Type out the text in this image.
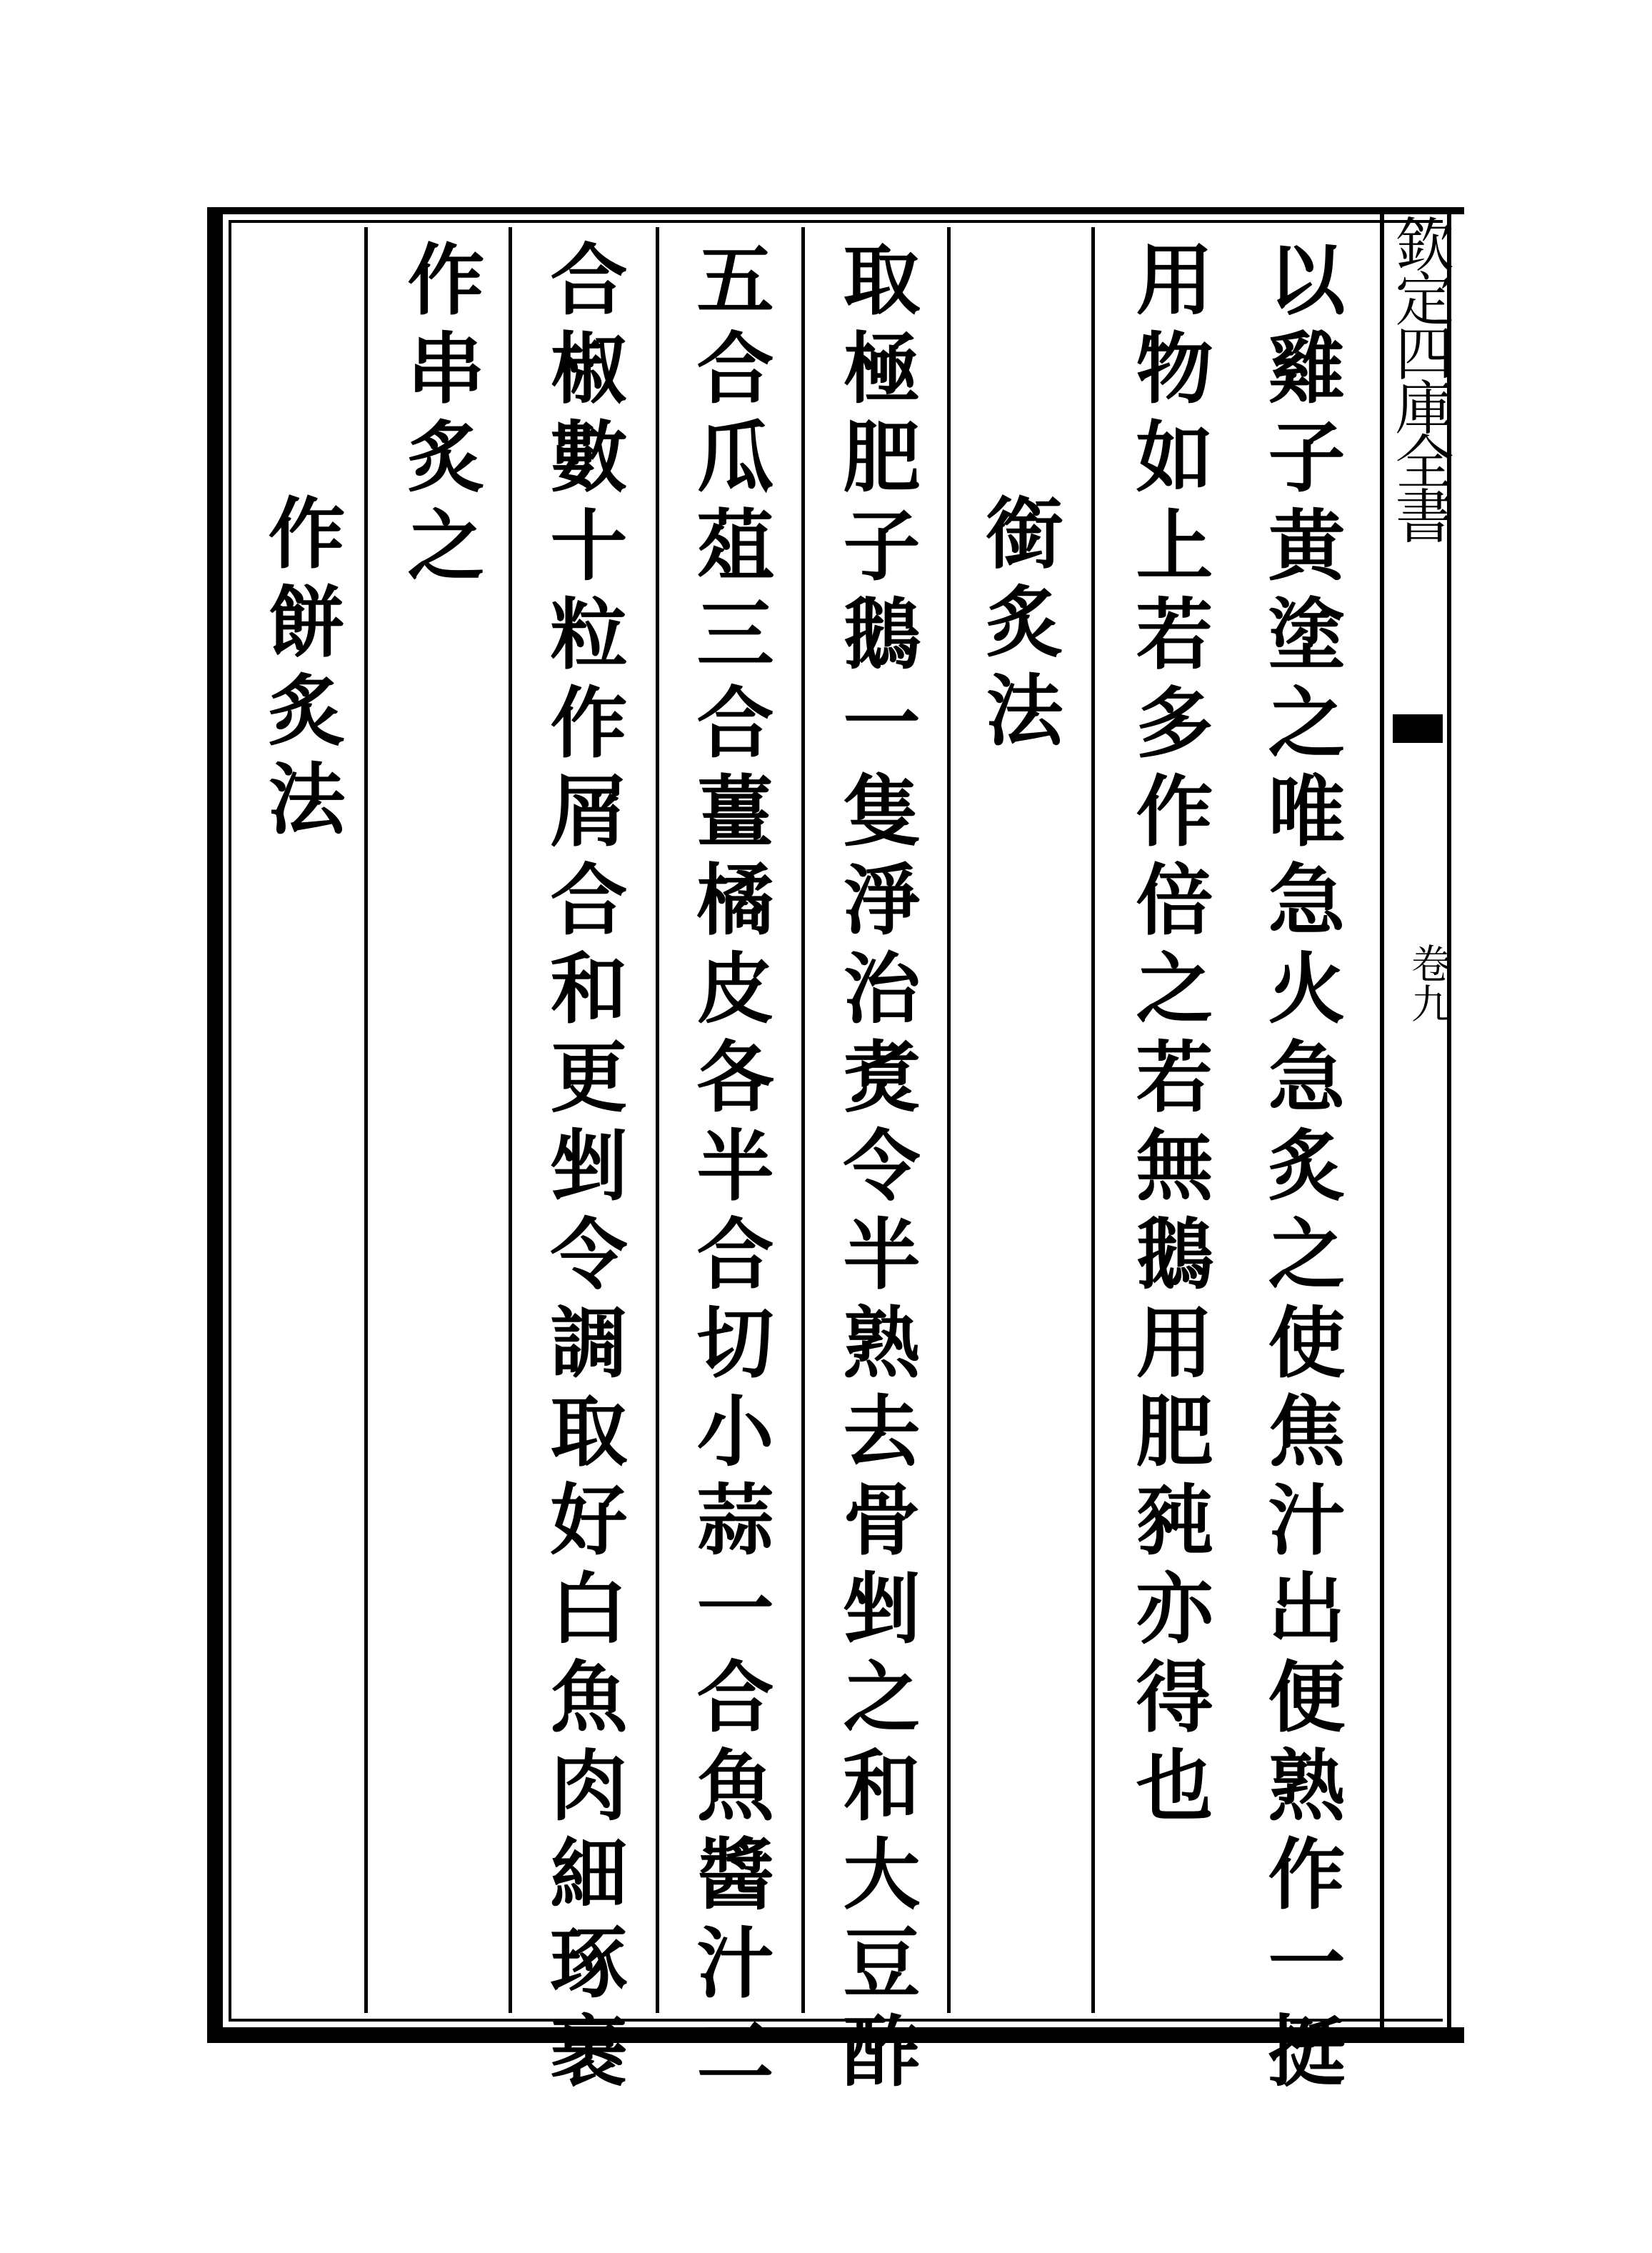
欽定四庫全書
卷九
以雞子黄塗之唯急火急炙之使焦汁出便熟作一挺
用物如上若多作倍之若無鵝用肥豘亦得也
銜炙法
取極肥子鵝一隻淨治煑令半熟去骨剉之和大豆酢
五合瓜葅三合薑橘皮各半合切小蒜一合魚醬汁二
合椒數十粒作屑合和更剉令調取好白魚肉細琢裹
作串炙之
作餅炙法
